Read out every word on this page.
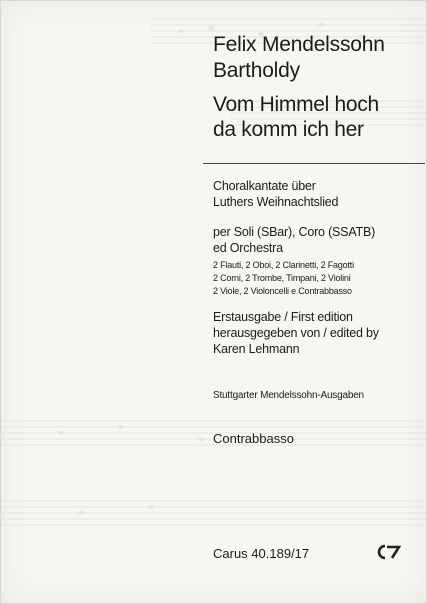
Felix Mendelssohn
Bartholdy
Vom Himmel hoch
da komm ich her
Choralkantate über
Luthers Weihnachtslied
per Soli (SBar), Coro (SSATB)
ed Orchestra
2 Flauti, 2 Oboi, 2 Clarinetti, 2 Fagotti
2 Corni, 2 Trombe, Timpani, 2 Violini
2 Viole, 2 Violoncelli e Contrabbasso
Erstausgabe / First edition
herausgegeben von / edited by
Karen Lehmann
Stuttgarter Mendelssohn-Ausgaben
Contrabbasso
Carus 40.189/17
